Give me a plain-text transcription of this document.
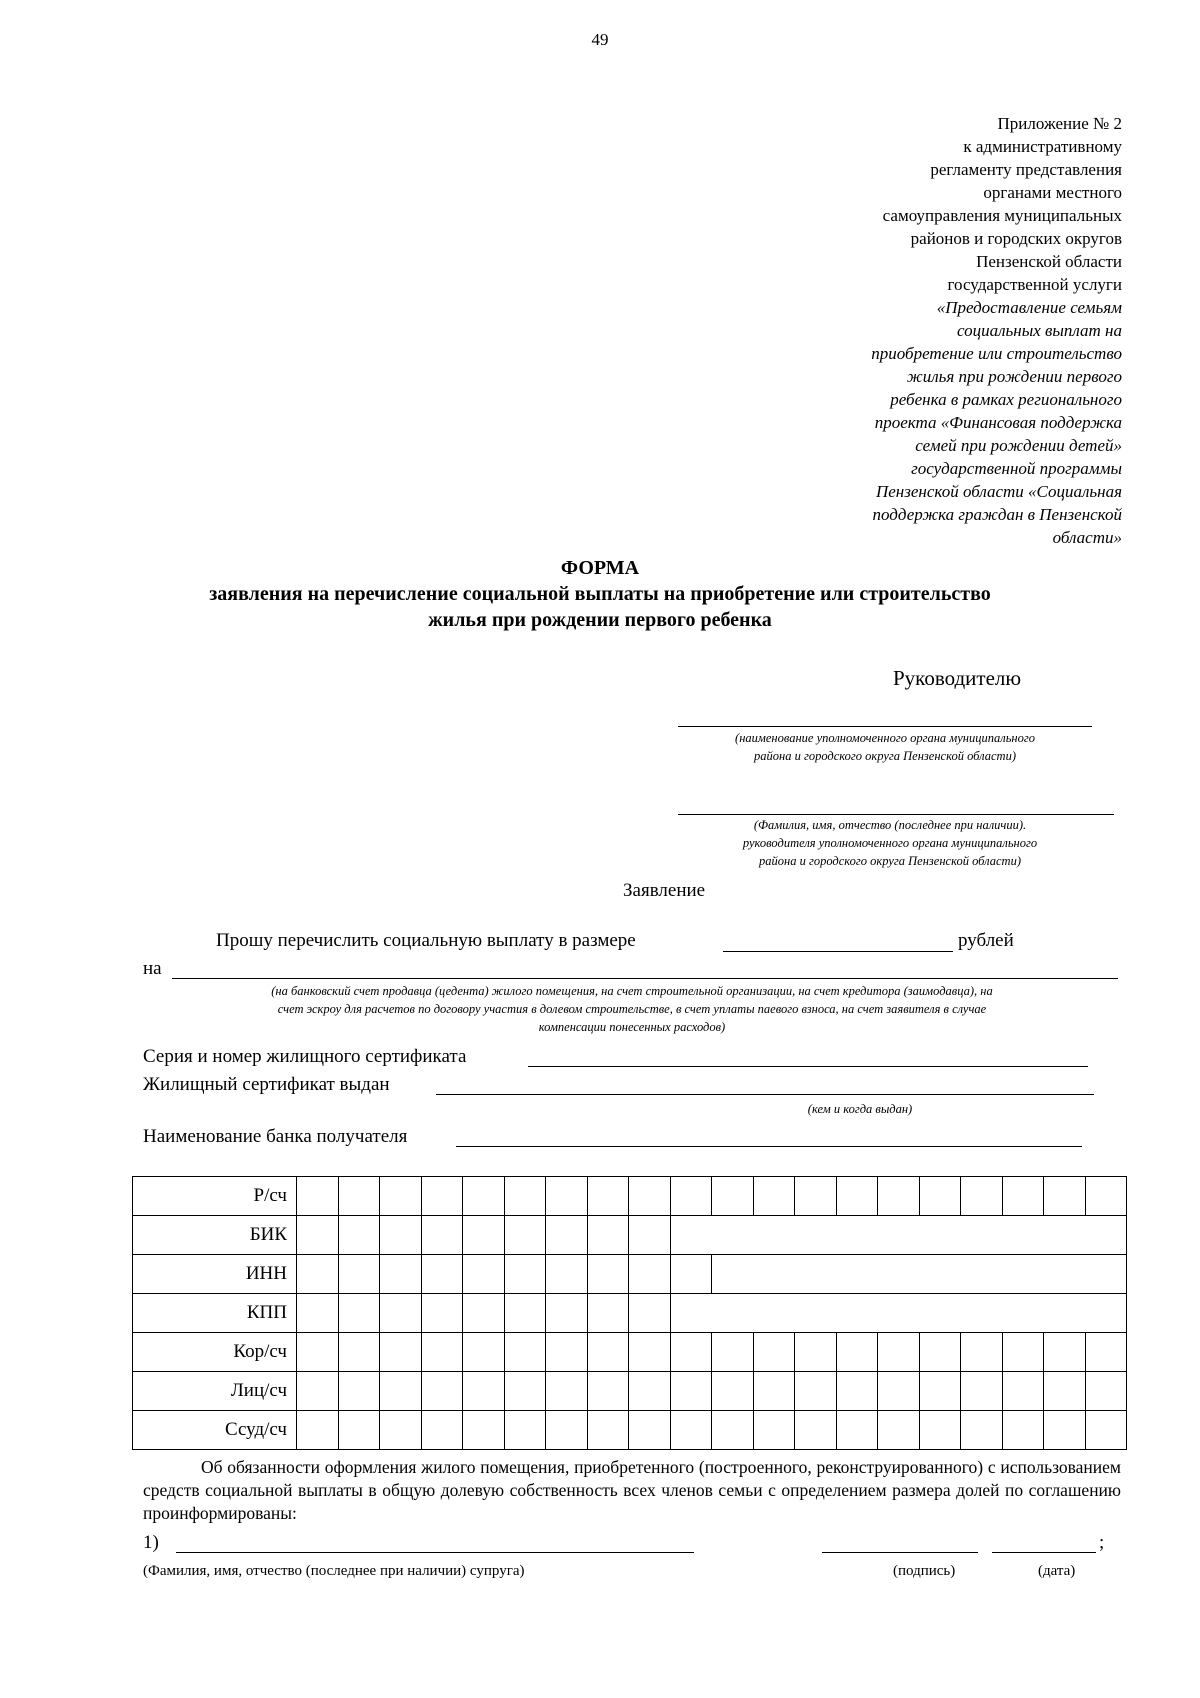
49
Приложение № 2
к административному
регламенту представления
органами местного
самоуправления муниципальных
районов и городских округов
Пензенской области
государственной услуги
«Предоставление семьям
социальных выплат на
приобретение или строительство
жилья при рождении первого
ребенка в рамках регионального
проекта «Финансовая поддержка
семей при рождении детей»
государственной программы
Пензенской области «Социальная
поддержка граждан в Пензенской
области»
ФОРМА
заявления на перечисление социальной выплаты на приобретение или строительство
жилья при рождении первого ребенка
Руководителю
(наименование уполномоченного органа муниципального
района и городского округа Пензенской области)
(Фамилия, имя, отчество (последнее при наличии).
руководителя уполномоченного органа муниципального
района и городского округа Пензенской области)
Заявление
Прошу перечислить социальную выплату в размере	рублей
на
(на банковский счет продавца (цедента) жилого помещения, на счет строительной организации, на счет кредитора (заимодавца), на
счет эскроу для расчетов по договору участия в долевом строительстве, в счет уплаты паевого взноса, на счет заявителя в случае
компенсации понесенных расходов)
Серия и номер жилищного сертификата
Жилищный сертификат выдан
(кем и когда выдан)
Наименование банка получателя
Р/сч																				
БИК																				
ИНН																				
КПП																				
Кор/сч																				
Лиц/сч																				
Ссуд/сч																				
Об обязанности оформления жилого помещения, приобретенного (построенного, реконструированного) с использованием средств социальной выплаты в общую долевую собственность всех членов семьи с определением размера долей по соглашению проинформированы:
1)	;
(Фамилия, имя, отчество (последнее при наличии) супруга)	(подпись)	(дата)
